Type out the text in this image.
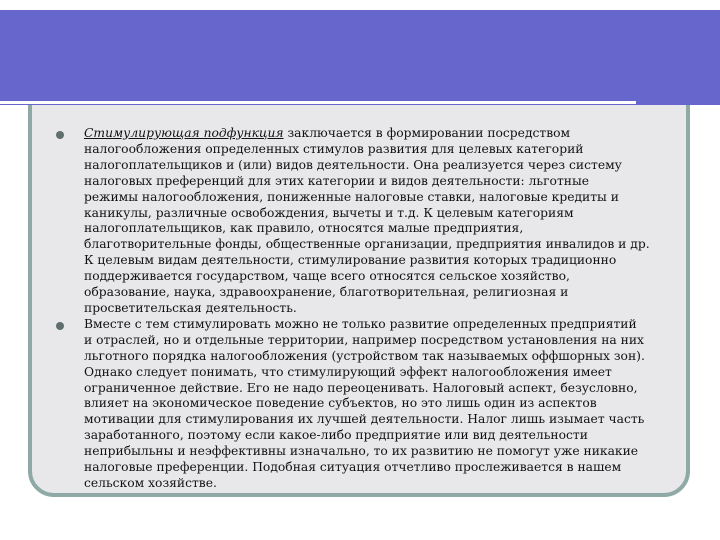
Стимулирующая подфункция заключается в формировании посредством
налогообложения определенных стимулов развития для целевых категорий
налогоплательщиков и (или) видов деятельности. Она реализуется через систему
налоговых преференций для этих категории и видов деятельности: льготные
режимы налогообложения, пониженные налоговые ставки, налоговые кредиты и
каникулы, различные освобождения, вычеты и т.д. К целевым категориям
налогоплательщиков, как правило, относятся малые предприятия,
благотворительные фонды, общественные организации, предприятия инвалидов и др.
К целевым видам деятельности, стимулирование развития которых традиционно
поддерживается государством, чаще всего относятся сельское хозяйство,
образование, наука, здравоохранение, благотворительная, религиозная и
просветительская деятельность.

Вместе с тем стимулировать можно не только развитие определенных предприятий
и отраслей, но и отдельные территории, например посредством установления на них
льготного порядка налогообложения (устройством так называемых оффшорных зон).
Однако следует понимать, что стимулирующий эффект налогообложения имеет
ограниченное действие. Его не надо переоценивать. Налоговый аспект, безусловно,
влияет на экономическое поведение субъектов, но это лишь один из аспектов
мотивации для стимулирования их лучшей деятельности. Налог лишь изымает часть
заработанного, поэтому если какое-либо предприятие или вид деятельности
неприбыльны и неэффективны изначально, то их развитию не помогут уже никакие
налоговые преференции. Подобная ситуация отчетливо прослеживается в нашем
сельском хозяйстве.
